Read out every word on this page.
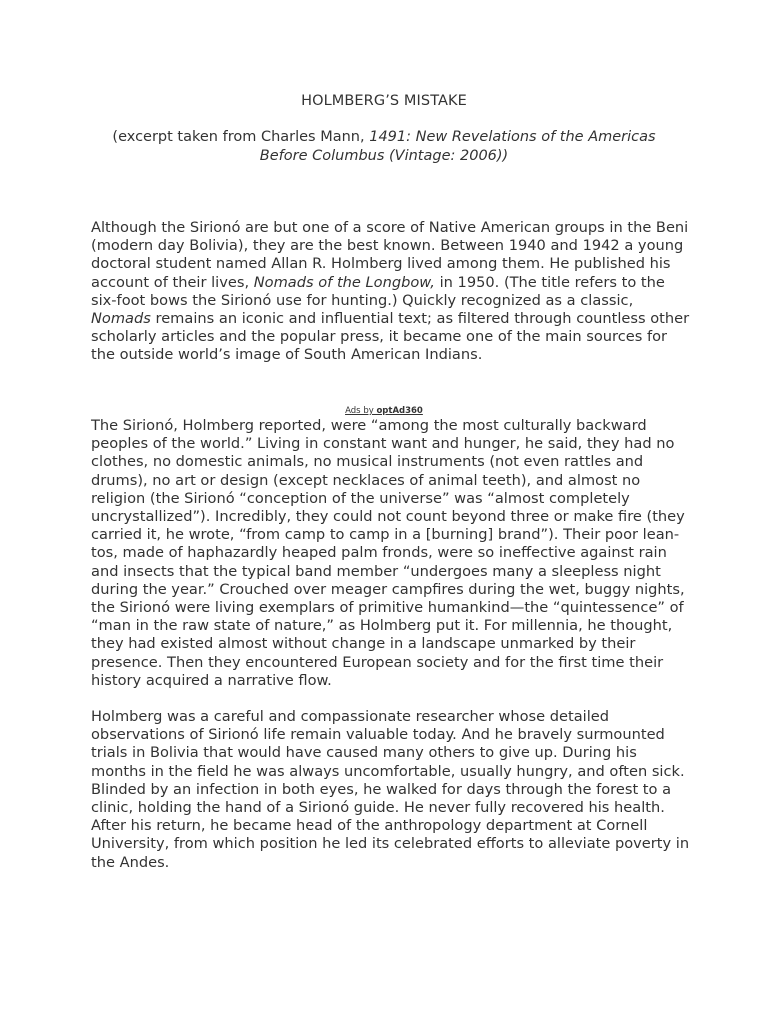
HOLMBERG’S MISTAKE
(excerpt taken from Charles Mann, 1491: New Revelations of the Americas Before Columbus (Vintage: 2006))

Although the Sirionó are but one of a score of Native American groups in the Beni (modern day Bolivia), they are the best known. Between 1940 and 1942 a young doctoral student named Allan R. Holmberg lived among them. He published his account of their lives, Nomads of the Longbow, in 1950. (The title refers to the six-foot bows the Sirionó use for hunting.) Quickly recognized as a classic, Nomads remains an iconic and influential text; as filtered through countless other scholarly articles and the popular press, it became one of the main sources for the outside world’s image of South American Indians.

Ads by optAd360

The Sirionó, Holmberg reported, were “among the most culturally backward peoples of the world.” Living in constant want and hunger, he said, they had no clothes, no domestic animals, no musical instruments (not even rattles and drums), no art or design (except necklaces of animal teeth), and almost no religion (the Sirionó “conception of the universe” was “almost completely uncrystallized”). Incredibly, they could not count beyond three or make fire (they carried it, he wrote, “from camp to camp in a [burning] brand”). Their poor lean-tos, made of haphazardly heaped palm fronds, were so ineffective against rain and insects that the typical band member “undergoes many a sleepless night during the year.” Crouched over meager campfires during the wet, buggy nights, the Sirionó were living exemplars of primitive humankind—the “quintessence” of “man in the raw state of nature,” as Holmberg put it. For millennia, he thought, they had existed almost without change in a landscape unmarked by their presence. Then they encountered European society and for the first time their history acquired a narrative flow.

Holmberg was a careful and compassionate researcher whose detailed observations of Sirionó life remain valuable today. And he bravely surmounted trials in Bolivia that would have caused many others to give up. During his months in the field he was always uncomfortable, usually hungry, and often sick. Blinded by an infection in both eyes, he walked for days through the forest to a clinic, holding the hand of a Sirionó guide. He never fully recovered his health. After his return, he became head of the anthropology department at Cornell University, from which position he led its celebrated efforts to alleviate poverty in the Andes.
